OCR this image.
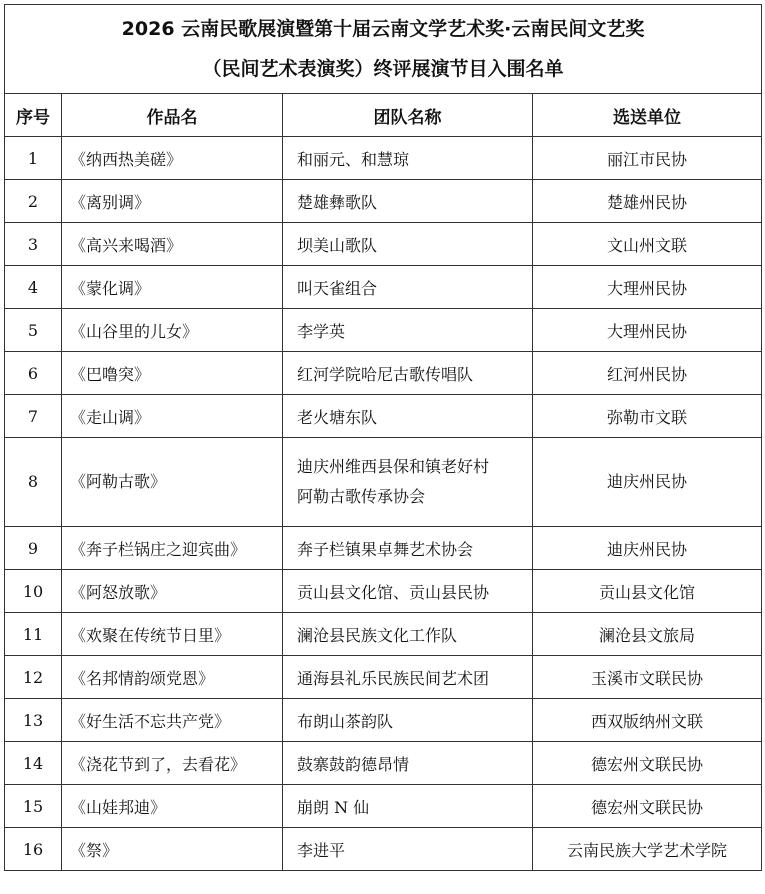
2026 云南民歌展演暨第十届云南文学艺术奖·云南民间文艺奖
（民间艺术表演奖）终评展演节目入围名单			

序号	作品名	团队名称	选送单位
1	《纳西热美磋》	和丽元、和慧琼	丽江市民协
2	《离别调》	楚雄彝歌队	楚雄州民协
3	《高兴来喝酒》	坝美山歌队	文山州文联
4	《蒙化调》	叫天雀组合	大理州民协
5	《山谷里的儿女》	李学英	大理州民协
6	《巴噜突》	红河学院哈尼古歌传唱队	红河州民协
7	《走山调》	老火塘东队	弥勒市文联
8	《阿勒古歌》	迪庆州维西县保和镇老好村
阿勒古歌传承协会	迪庆州民协
9	《奔子栏锅庄之迎宾曲》	奔子栏镇果卓舞艺术协会	迪庆州民协
10	《阿怒放歌》	贡山县文化馆、贡山县民协	贡山县文化馆
11	《欢聚在传统节日里》	澜沧县民族文化工作队	澜沧县文旅局
12	《名邦情韵颂党恩》	通海县礼乐民族民间艺术团	玉溪市文联民协
13	《好生活不忘共产党》	布朗山茶韵队	西双版纳州文联
14	《浇花节到了，去看花》	鼓寨鼓韵德昂情	德宏州文联民协
15	《山娃邦迪》	崩朗 N 仙	德宏州文联民协
16	《祭》	李进平	云南民族大学艺术学院
